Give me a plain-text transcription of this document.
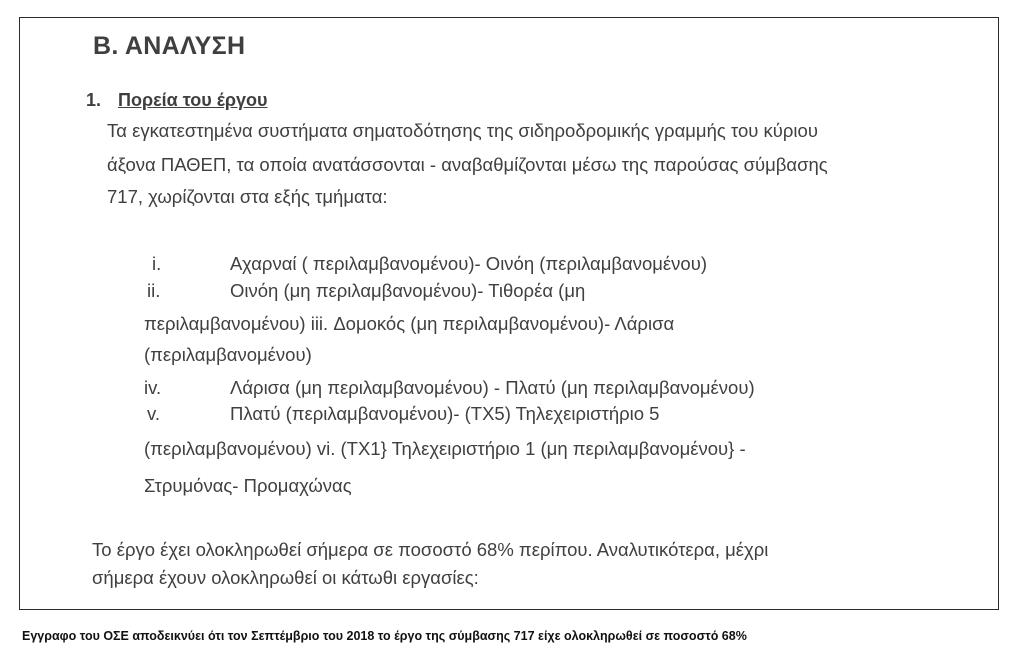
Β. ΑΝΑΛΥΣΗ
1. Πορεία του έργου
Τα εγκατεστημένα συστήματα σηματοδότησης της σιδηροδρομικής γραμμής του κύριου
άξονα ΠΑΘΕΠ, τα οποία ανατάσσονται - αναβαθμίζονται μέσω της παρούσας σύμβασης
717, χωρίζονται στα εξής τμήματα:
i.	Αχαρναί ( περιλαμβανομένου)- Οινόη (περιλαμβανομένου)
ii.	Οινόη (μη περιλαμβανομένου)- Τιθορέα (μη
περιλαμβανομένου) iii. Δομοκός (μη περιλαμβανομένου)- Λάρισα
(περιλαμβανομένου)
iv.	Λάρισα (μη περιλαμβανομένου) - Πλατύ (μη περιλαμβανομένου)
v.	Πλατύ (περιλαμβανομένου)- (ΤΧ5) Τηλεχειριστήριο 5
(περιλαμβανομένου) vi. (ΤΧ1} Τηλεχειριστήριο 1 (μη περιλαμβανομένου} -
Στρυμόνας- Προμαχώνας
Το έργο έχει ολοκληρωθεί σήμερα σε ποσοστό 68% περίπου. Αναλυτικότερα, μέχρι
σήμερα έχουν ολοκληρωθεί οι κάτωθι εργασίες:
Εγγραφο του ΟΣΕ αποδεικνύει ότι τον Σεπτέμβριο του 2018 το έργο της σύμβασης 717 είχε ολοκληρωθεί σε ποσοστό 68%
